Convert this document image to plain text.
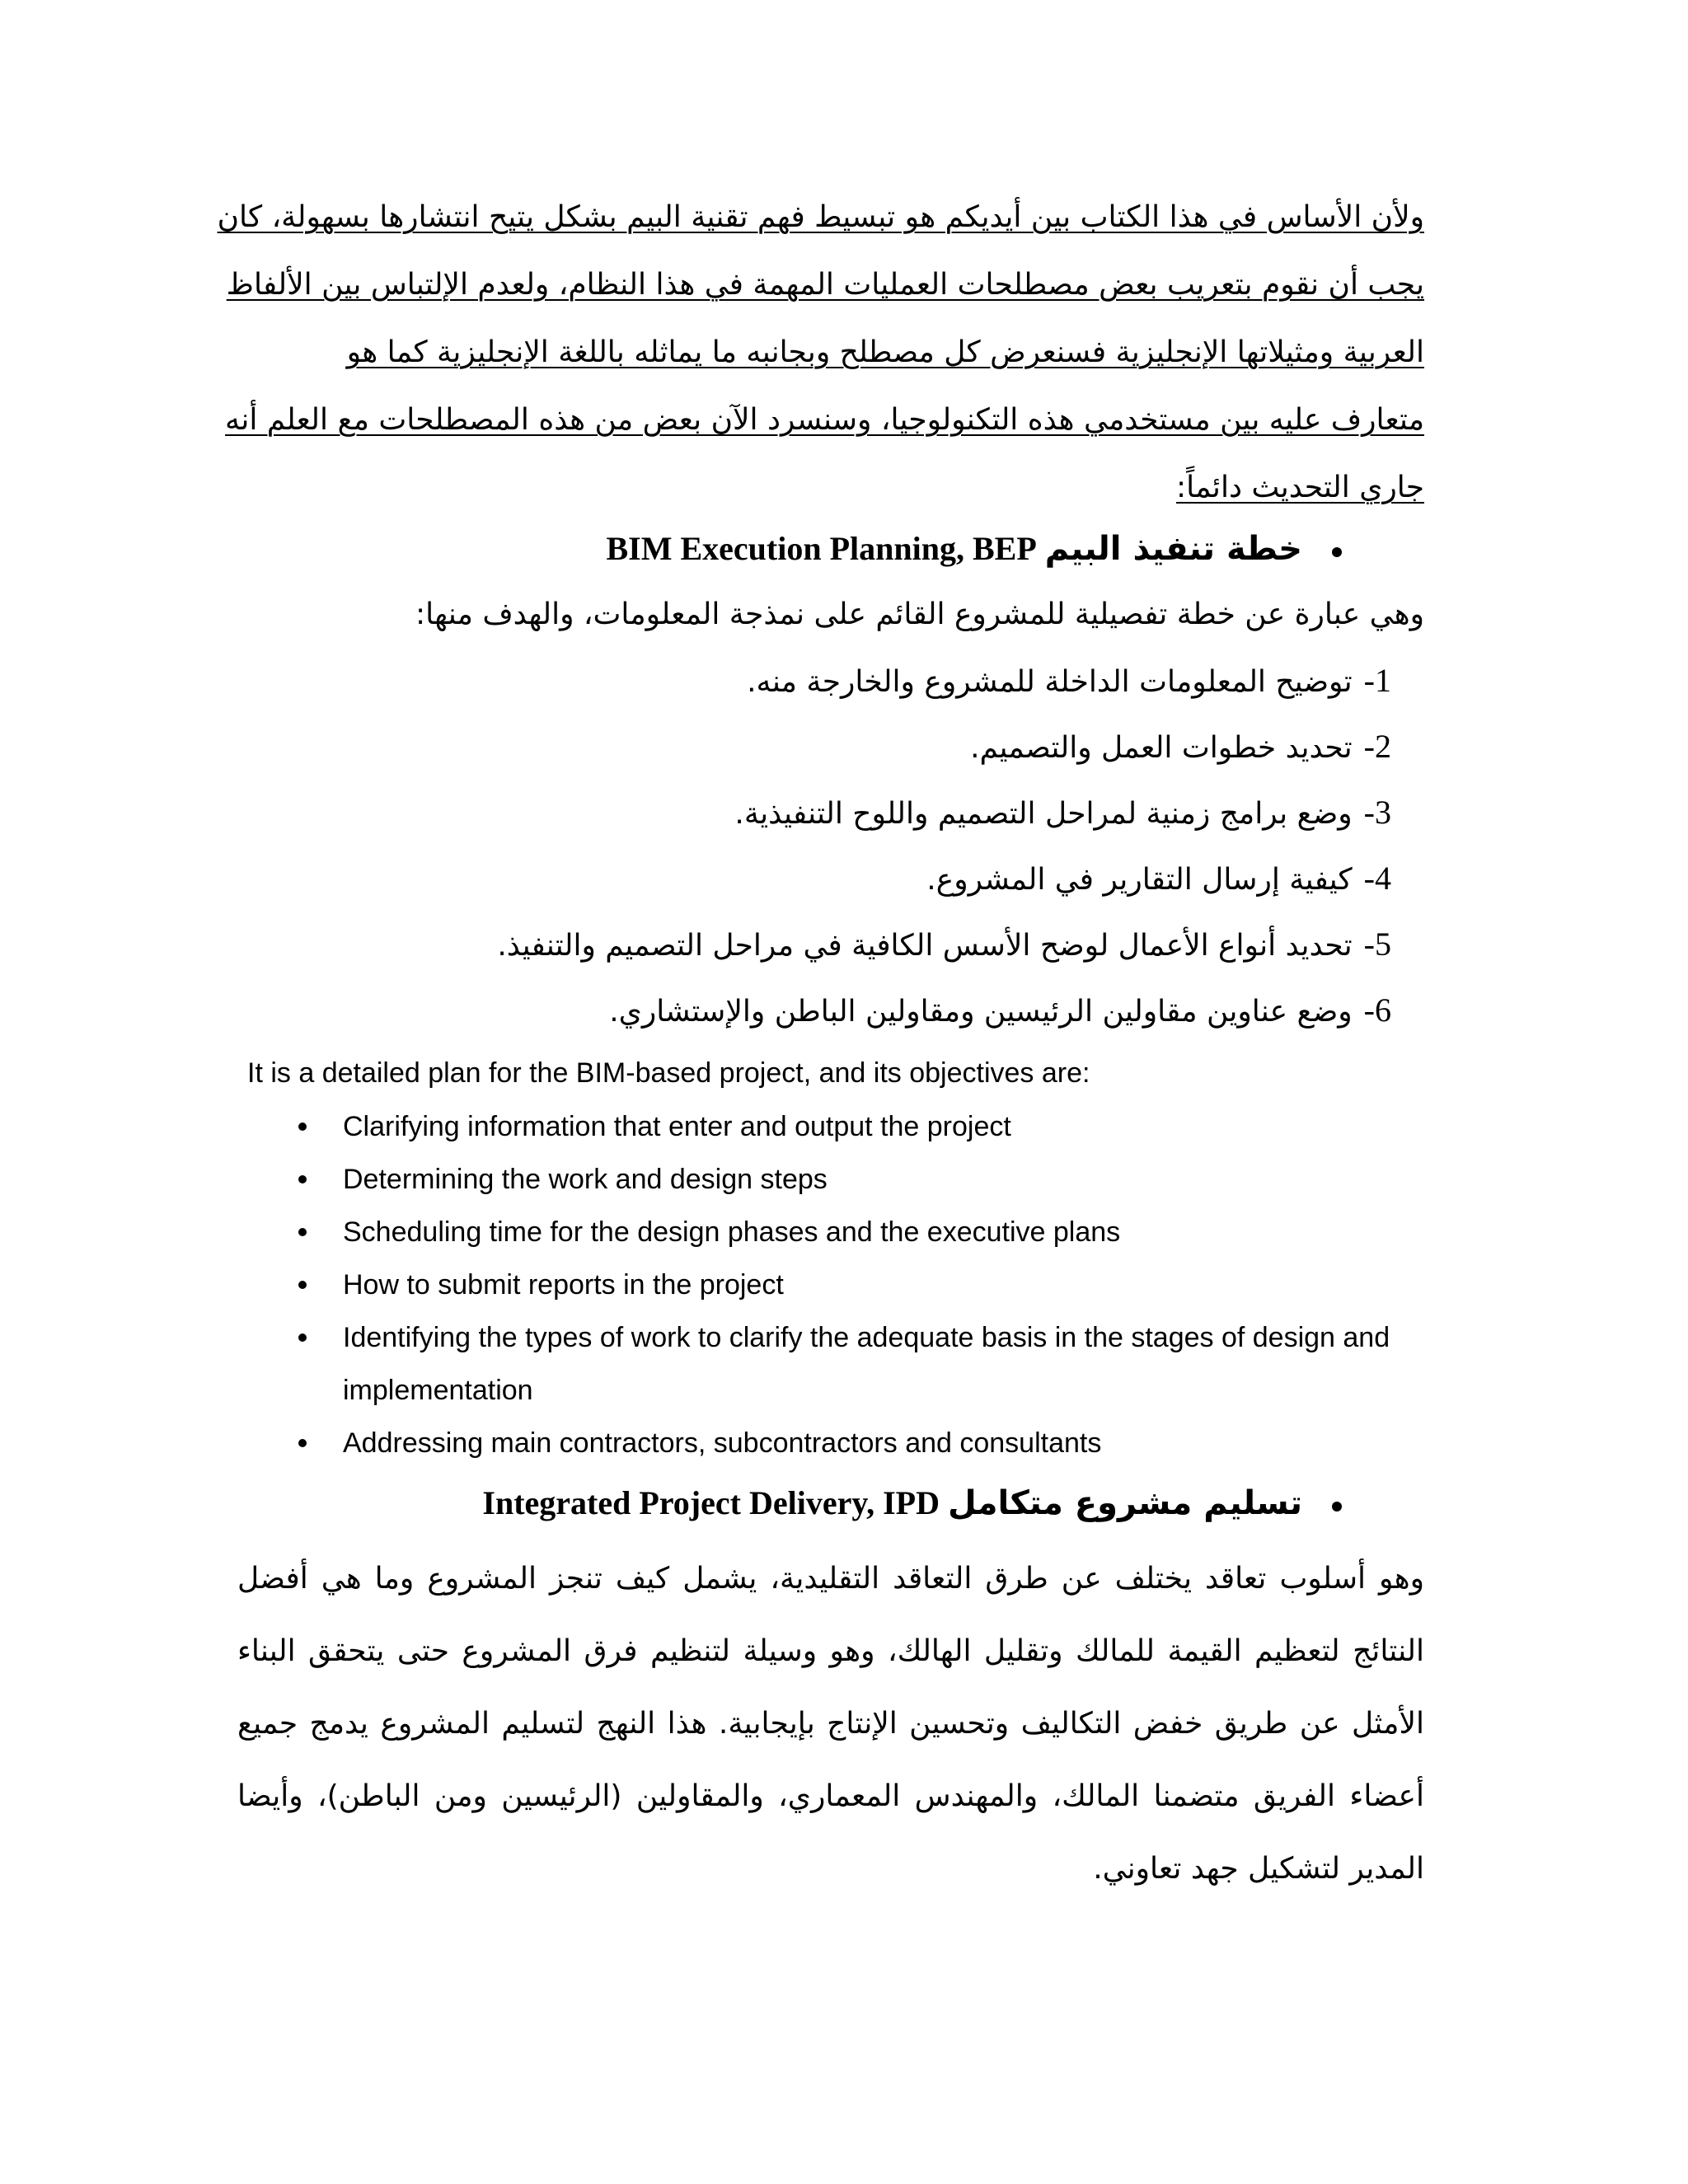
ولأن الأساس في هذا الكتاب بين أيديكم هو تبسيط فهم تقنية البيم بشكل يتيح انتشارها بسهولة، كان
يجب أن نقوم بتعريب بعض مصطلحات العمليات المهمة في هذا النظام، ولعدم الإلتباس بين الألفاظ
العربية ومثيلاتها الإنجليزية فسنعرض كل مصطلح وبجانبه ما يماثله باللغة الإنجليزية كما هو
متعارف عليه بين مستخدمي هذه التكنولوجيا، وسنسرد الآن بعض من هذه المصطلحات مع العلم أنه
جاري التحديث دائماً:
خطة تنفيذ البيم BIM Execution Planning, BEP
وهي عبارة عن خطة تفصيلية للمشروع القائم على نمذجة المعلومات، والهدف منها:
1-توضيح المعلومات الداخلة للمشروع والخارجة منه.
2-تحديد خطوات العمل والتصميم.
3-وضع برامج زمنية لمراحل التصميم واللوح التنفيذية.
4-كيفية إرسال التقارير في المشروع.
5-تحديد أنواع الأعمال لوضح الأسس الكافية في مراحل التصميم والتنفيذ.
6-وضع عناوين مقاولين الرئيسين ومقاولين الباطن والإستشاري.
It is a detailed plan for the BIM-based project, and its objectives are:
Clarifying information that enter and output the project
Determining the work and design steps
Scheduling time for the design phases and the executive plans
How to submit reports in the project
Identifying the types of work to clarify the adequate basis in the stages of design and implementation
Addressing main contractors, subcontractors and consultants
تسليم مشروع متكامل Integrated Project Delivery, IPD
وهو أسلوب تعاقد يختلف عن طرق التعاقد التقليدية، يشمل كيف تنجز المشروع وما هي أفضل النتائج لتعظيم القيمة للمالك وتقليل الهالك، وهو وسيلة لتنظيم فرق المشروع حتى يتحقق البناء الأمثل عن طريق خفض التكاليف وتحسين الإنتاج بإيجابية. هذا النهج لتسليم المشروع يدمج جميع أعضاء الفريق متضمنا المالك، والمهندس المعماري، والمقاولين (الرئيسين ومن الباطن)، وأيضا المدير لتشكيل جهد تعاوني.
